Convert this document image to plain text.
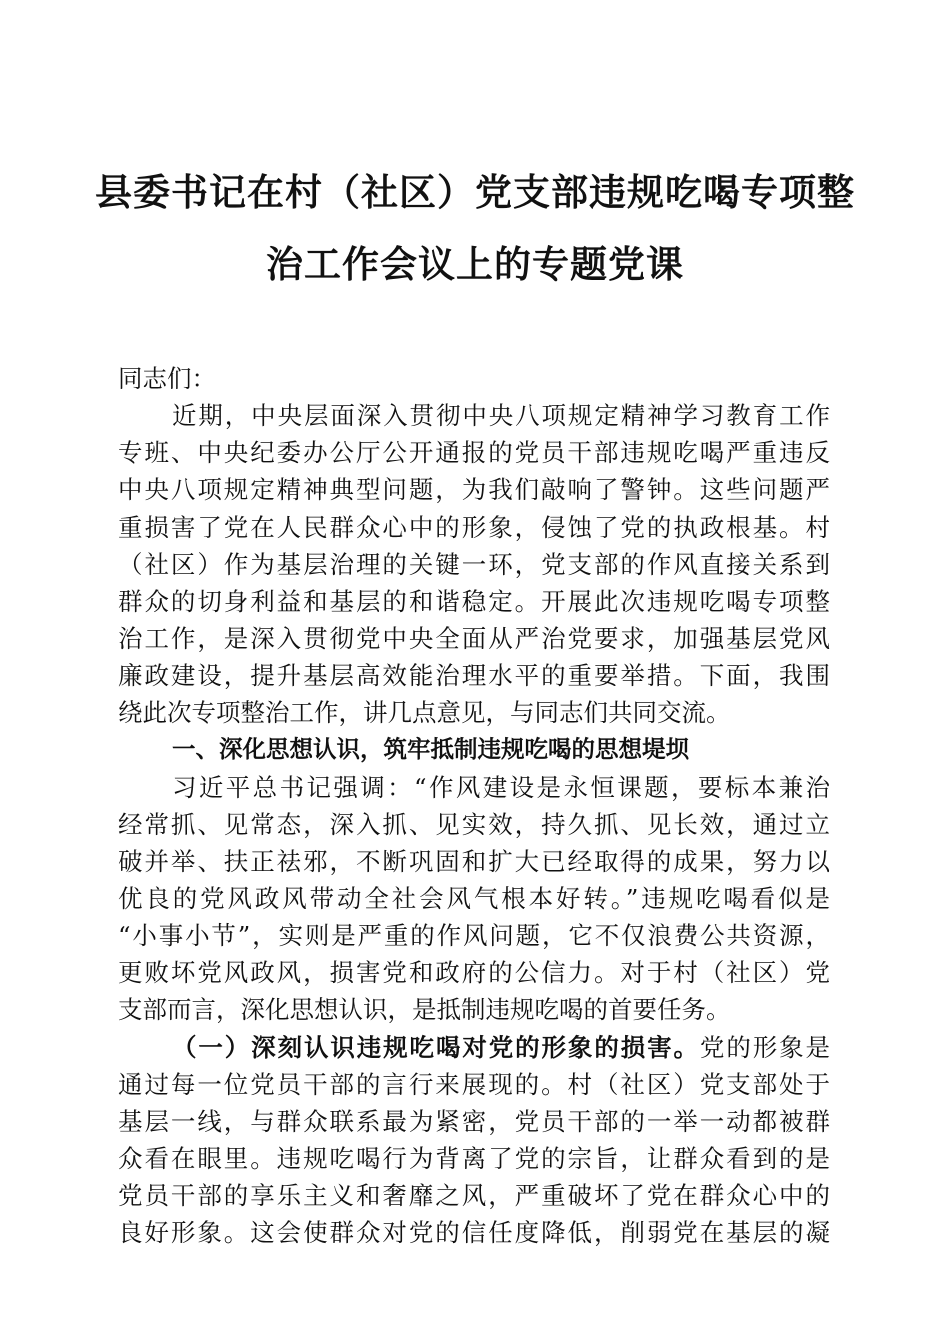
县委书记在村（社区）党支部违规吃喝专项整
治工作会议上的专题党课
同志们：
近期，中央层面深入贯彻中央八项规定精神学习教育工作
专班、中央纪委办公厅公开通报的党员干部违规吃喝严重违反
中央八项规定精神典型问题，为我们敲响了警钟。这些问题严
重损害了党在人民群众心中的形象，侵蚀了党的执政根基。村
（社区）作为基层治理的关键一环，党支部的作风直接关系到
群众的切身利益和基层的和谐稳定。开展此次违规吃喝专项整
治工作，是深入贯彻党中央全面从严治党要求，加强基层党风
廉政建设，提升基层高效能治理水平的重要举措。下面，我围
绕此次专项整治工作，讲几点意见，与同志们共同交流。
一、深化思想认识，筑牢抵制违规吃喝的思想堤坝
习近平总书记强调：“作风建设是永恒课题，要标本兼治
经常抓、见常态，深入抓、见实效，持久抓、见长效，通过立
破并举、扶正祛邪，不断巩固和扩大已经取得的成果，努力以
优良的党风政风带动全社会风气根本好转。”违规吃喝看似是
“小事小节”，实则是严重的作风问题，它不仅浪费公共资源，
更败坏党风政风，损害党和政府的公信力。对于村（社区）党
支部而言，深化思想认识，是抵制违规吃喝的首要任务。
（一）深刻认识违规吃喝对党的形象的损害。党的形象是
通过每一位党员干部的言行来展现的。村（社区）党支部处于
基层一线，与群众联系最为紧密，党员干部的一举一动都被群
众看在眼里。违规吃喝行为背离了党的宗旨，让群众看到的是
党员干部的享乐主义和奢靡之风，严重破坏了党在群众心中的
良好形象。这会使群众对党的信任度降低，削弱党在基层的凝
